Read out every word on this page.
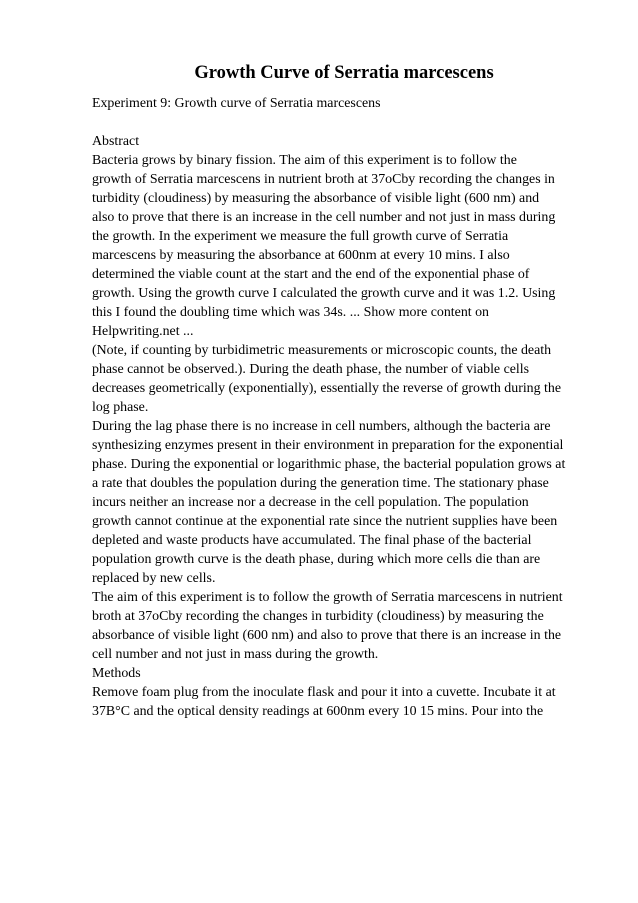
Growth Curve of Serratia marcescens

Experiment 9: Growth curve of Serratia marcescens

Abstract

Bacteria grows by binary fission. The aim of this experiment is to follow the

growth of Serratia marcescens in nutrient broth at 37oCby recording the changes in

turbidity (cloudiness) by measuring the absorbance of visible light (600 nm) and

also to prove that there is an increase in the cell number and not just in mass during

the growth. In the experiment we measure the full growth curve of Serratia

marcescens by measuring the absorbance at 600nm at every 10 mins. I also

determined the viable count at the start and the end of the exponential phase of

growth. Using the growth curve I calculated the growth curve and it was 1.2. Using

this I found the doubling time which was 34s. ... Show more content on

Helpwriting.net ...

(Note, if counting by turbidimetric measurements or microscopic counts, the death

phase cannot be observed.). During the death phase, the number of viable cells

decreases geometrically (exponentially), essentially the reverse of growth during the

log phase.

During the lag phase there is no increase in cell numbers, although the bacteria are

synthesizing enzymes present in their environment in preparation for the exponential

phase. During the exponential or logarithmic phase, the bacterial population grows at

a rate that doubles the population during the generation time. The stationary phase

incurs neither an increase nor a decrease in the cell population. The population

growth cannot continue at the exponential rate since the nutrient supplies have been

depleted and waste products have accumulated. The final phase of the bacterial

population growth curve is the death phase, during which more cells die than are

replaced by new cells.

The aim of this experiment is to follow the growth of Serratia marcescens in nutrient

broth at 37oCby recording the changes in turbidity (cloudiness) by measuring the

absorbance of visible light (600 nm) and also to prove that there is an increase in the

cell number and not just in mass during the growth.

Methods

Remove foam plug from the inoculate flask and pour it into a cuvette. Incubate it at

37B°C and the optical density readings at 600nm every 10 15 mins. Pour into the
